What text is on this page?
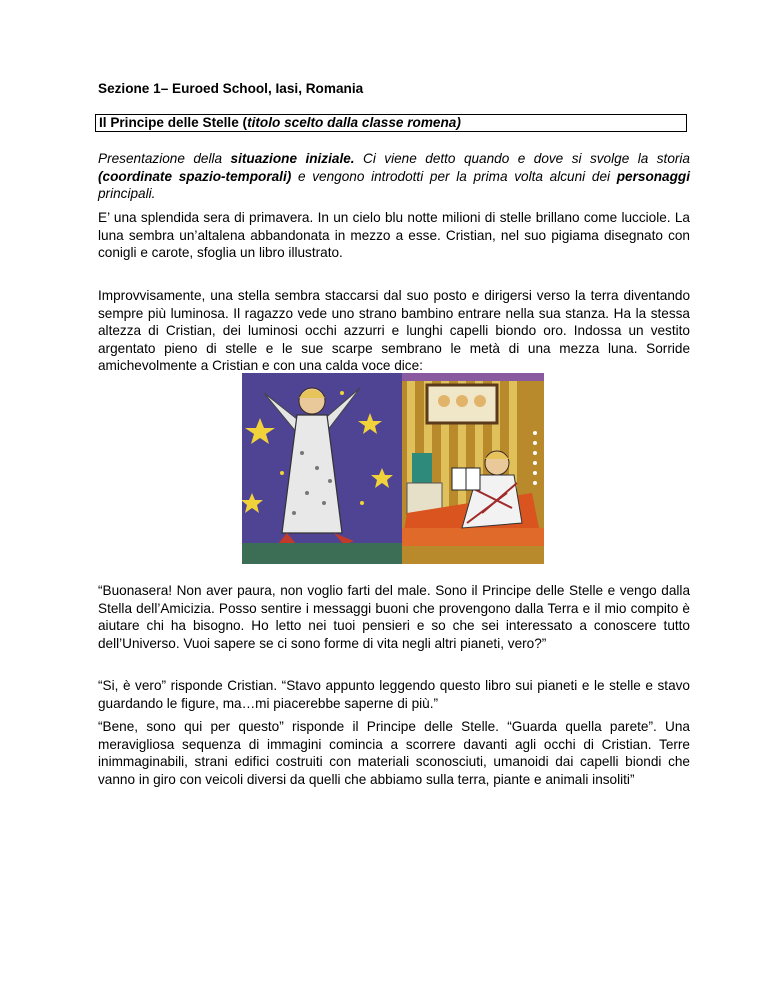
Sezione 1– Euroed School, Iasi, Romania
Il Principe delle Stelle (titolo scelto dalla classe romena)

Presentazione della situazione iniziale. Ci viene detto quando e dove si svolge la storia (coordinate spazio-temporali) e vengono introdotti per la prima volta alcuni dei personaggi principali.

E’ una splendida sera di primavera. In un cielo blu notte milioni di stelle brillano come lucciole. La luna sembra un’altalena abbandonata in mezzo a esse. Cristian, nel suo pigiama disegnato con conigli e carote, sfoglia un libro illustrato.

Improvvisamente, una stella sembra staccarsi dal suo posto e dirigersi verso la terra diventando sempre più luminosa. Il ragazzo vede uno strano bambino entrare nella sua stanza. Ha la stessa altezza di Cristian, dei luminosi occhi azzurri e lunghi capelli biondo oro. Indossa un vestito argentato pieno di stelle e le sue scarpe sembrano le metà di una mezza luna. Sorride amichevolmente a Cristian e con una calda voce dice:

“Buonasera! Non aver paura, non voglio farti del male. Sono il Principe delle Stelle e vengo dalla Stella dell’Amicizia. Posso sentire i messaggi buoni che provengono dalla Terra e il mio compito è aiutare chi ha bisogno. Ho letto nei tuoi pensieri e so che sei interessato a conoscere tutto dell’Universo. Vuoi sapere se ci sono forme di vita negli altri pianeti, vero?”

“Si, è vero” risponde Cristian. “Stavo appunto leggendo questo libro sui pianeti e le stelle e stavo guardando le figure, ma…mi piacerebbe saperne di più.”

“Bene, sono qui per questo” risponde il Principe delle Stelle. “Guarda quella parete”. Una meravigliosa sequenza di immagini comincia a scorrere davanti agli occhi di Cristian. Terre inimmaginabili, strani edifici costruiti con materiali sconosciuti, umanoidi dai capelli biondi che vanno in giro con veicoli diversi da quelli che abbiamo sulla terra, piante e animali insoliti”
